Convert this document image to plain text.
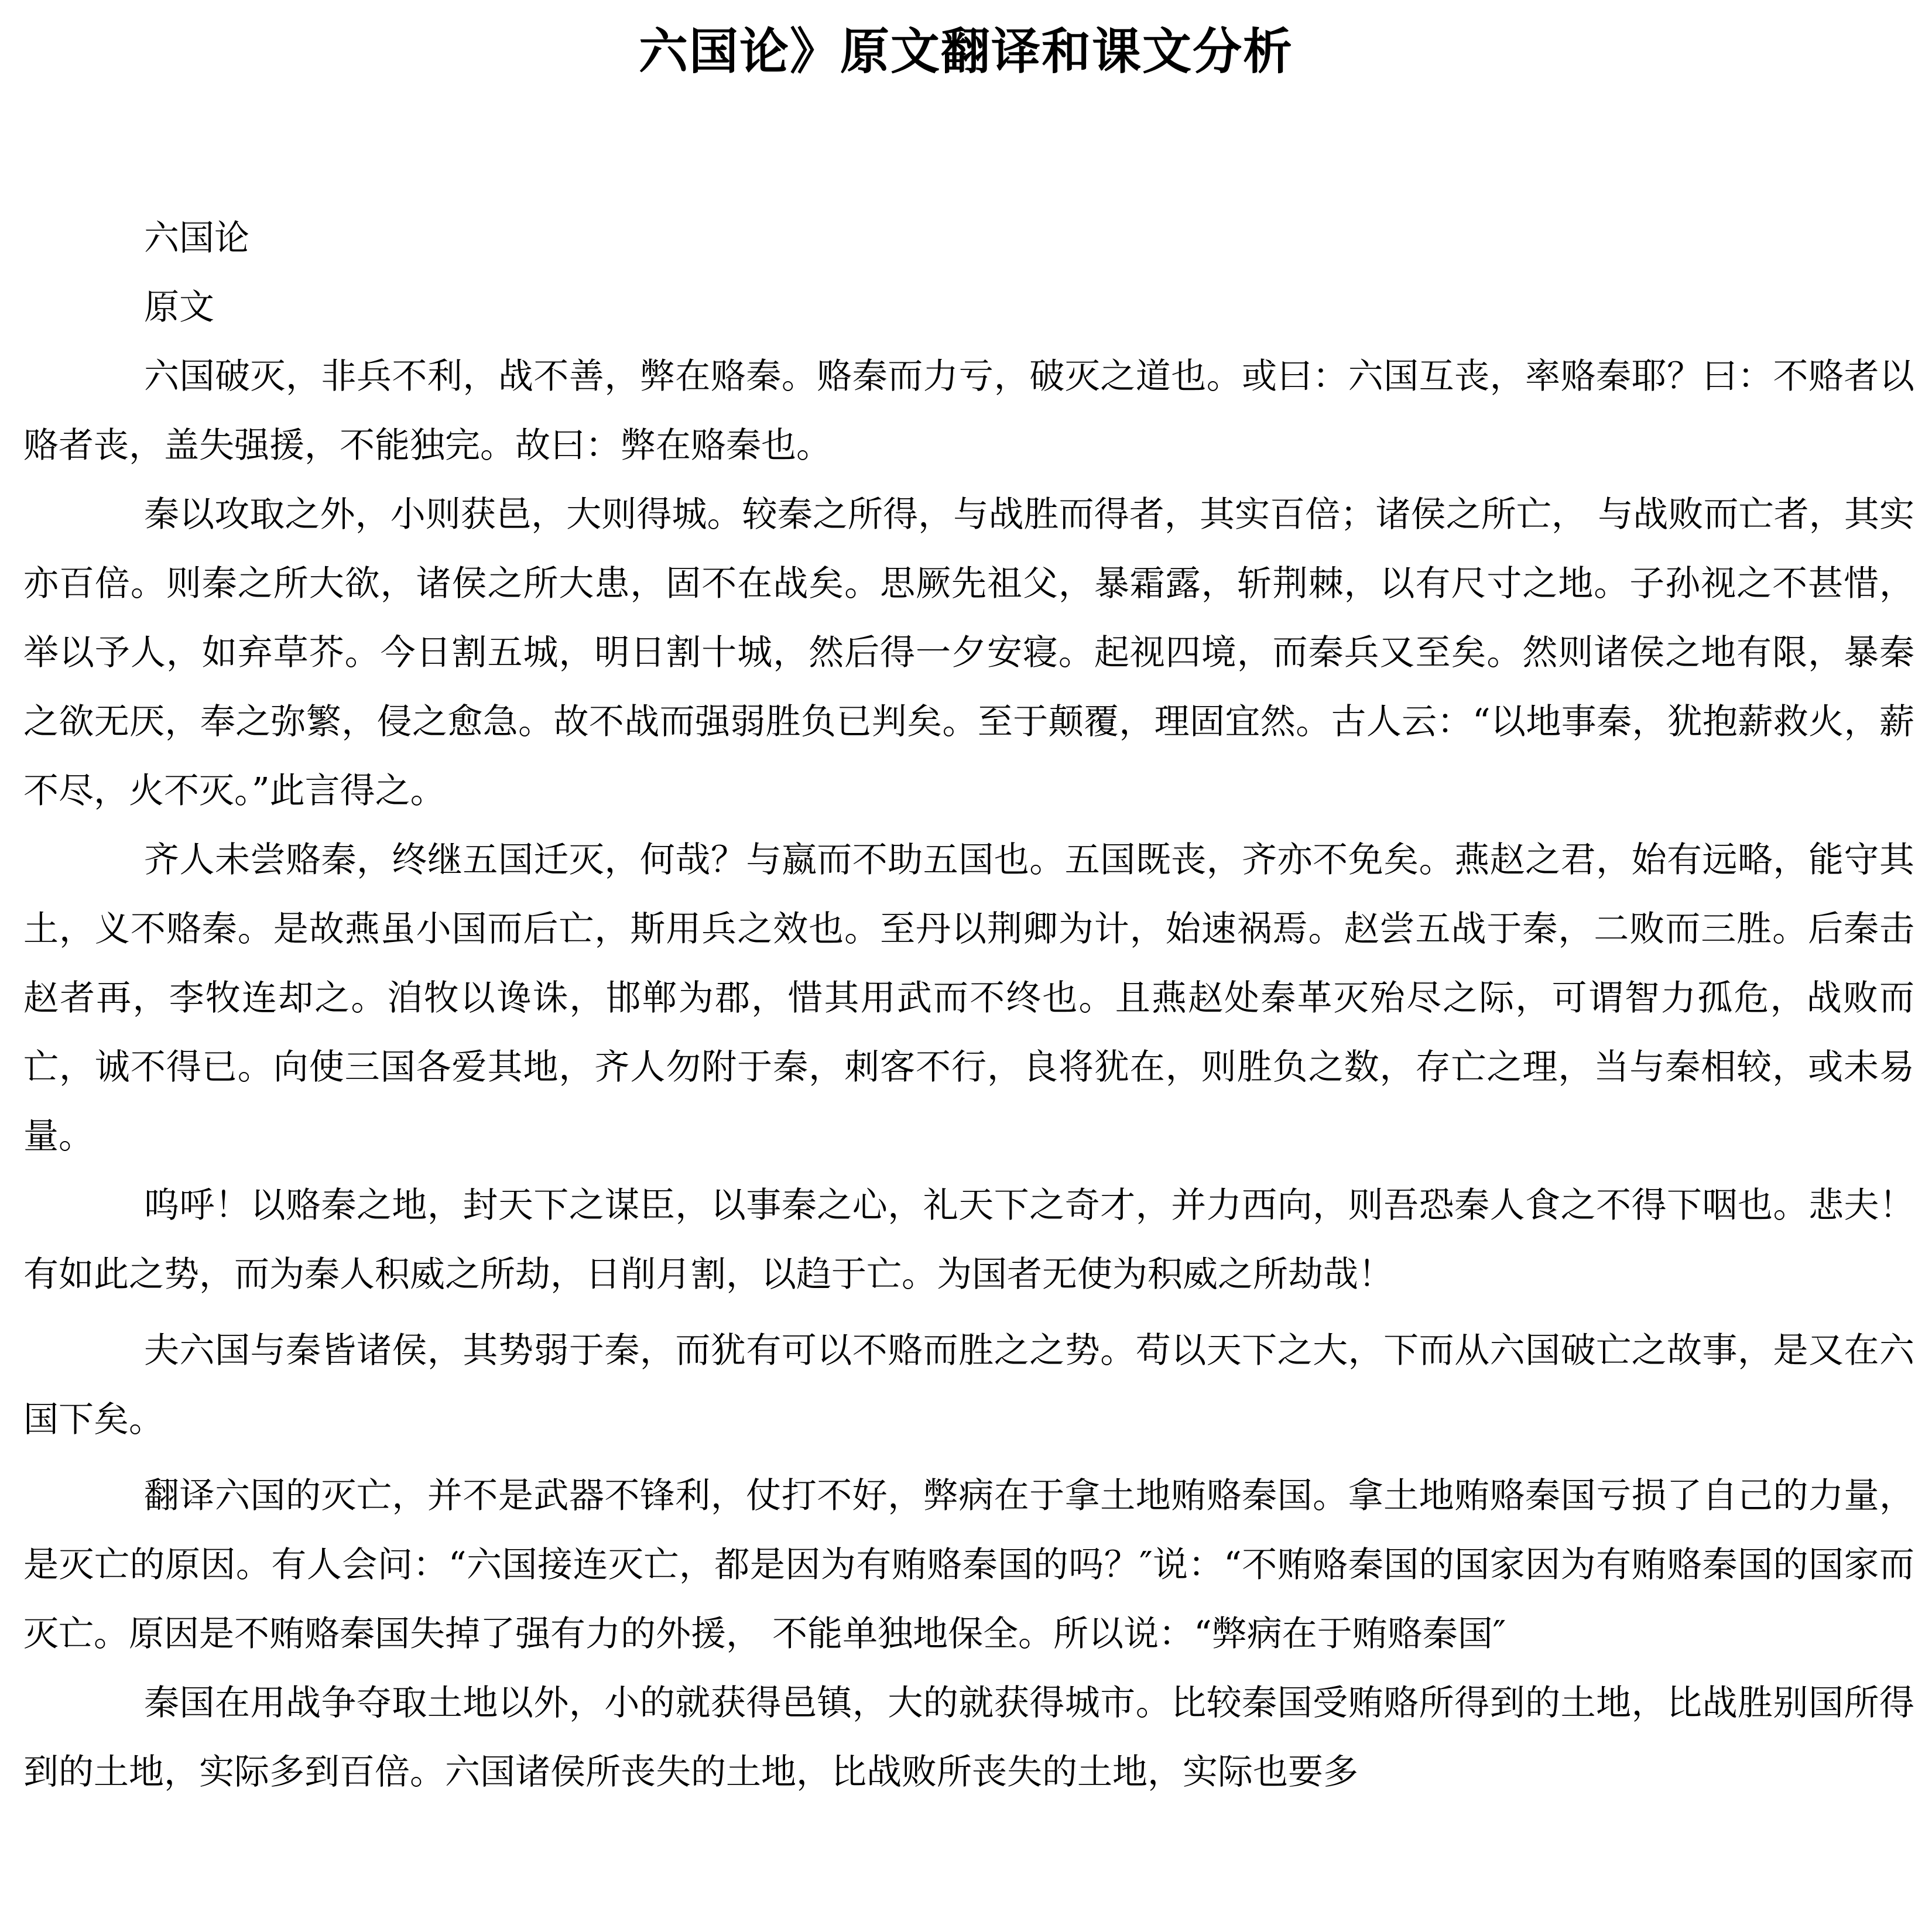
六国论》原文翻译和课文分析

六国论

原文

六国破灭，非兵不利，战不善，弊在赂秦。赂秦而力亏，破灭之道也。或曰：六国互丧，率赂秦耶？曰：不赂者以赂者丧，盖失强援，不能独完。故曰：弊在赂秦也。

秦以攻取之外，小则获邑，大则得城。较秦之所得，与战胜而得者，其实百倍；诸侯之所亡， 与战败而亡者，其实亦百倍。则秦之所大欲，诸侯之所大患，固不在战矣。思厥先祖父，暴霜露，斩荆棘，以有尺寸之地。子孙视之不甚惜，举以予人，如弃草芥。今日割五城，明日割十城，然后得一夕安寝。起视四境，而秦兵又至矣。然则诸侯之地有限，暴秦之欲无厌，奉之弥繁，侵之愈急。故不战而强弱胜负已判矣。至于颠覆，理固宜然。古人云：“以地事秦，犹抱薪救火，薪不尽，火不灭。”此言得之。

齐人未尝赂秦，终继五国迁灭，何哉？与嬴而不助五国也。五国既丧，齐亦不免矣。燕赵之君，始有远略，能守其土，义不赂秦。是故燕虽小国而后亡，斯用兵之效也。至丹以荆卿为计，始速祸焉。赵尝五战于秦，二败而三胜。后秦击赵者再，李牧连却之。洎牧以谗诛，邯郸为郡，惜其用武而不终也。且燕赵处秦革灭殆尽之际，可谓智力孤危，战败而亡，诚不得已。向使三国各爱其地，齐人勿附于秦，刺客不行，良将犹在，则胜负之数，存亡之理，当与秦相较，或未易量。

呜呼！以赂秦之地，封天下之谋臣，以事秦之心，礼天下之奇才，并力西向，则吾恐秦人食之不得下咽也。悲夫！有如此之势，而为秦人积威之所劫，日削月割，以趋于亡。为国者无使为积威之所劫哉！

夫六国与秦皆诸侯，其势弱于秦，而犹有可以不赂而胜之之势。苟以天下之大，下而从六国破亡之故事，是又在六国下矣。

翻译六国的灭亡，并不是武器不锋利，仗打不好，弊病在于拿土地贿赂秦国。拿土地贿赂秦国亏损了自己的力量，是灭亡的原因。有人会问：“六国接连灭亡，都是因为有贿赂秦国的吗？″说：“不贿赂秦国的国家因为有贿赂秦国的国家而灭亡。原因是不贿赂秦国失掉了强有力的外援， 不能单独地保全。所以说：“弊病在于贿赂秦国″

秦国在用战争夺取土地以外，小的就获得邑镇，大的就获得城市。比较秦国受贿赂所得到的土地，比战胜别国所得到的土地，实际多到百倍。六国诸侯所丧失的土地，比战败所丧失的土地，实际也要多
